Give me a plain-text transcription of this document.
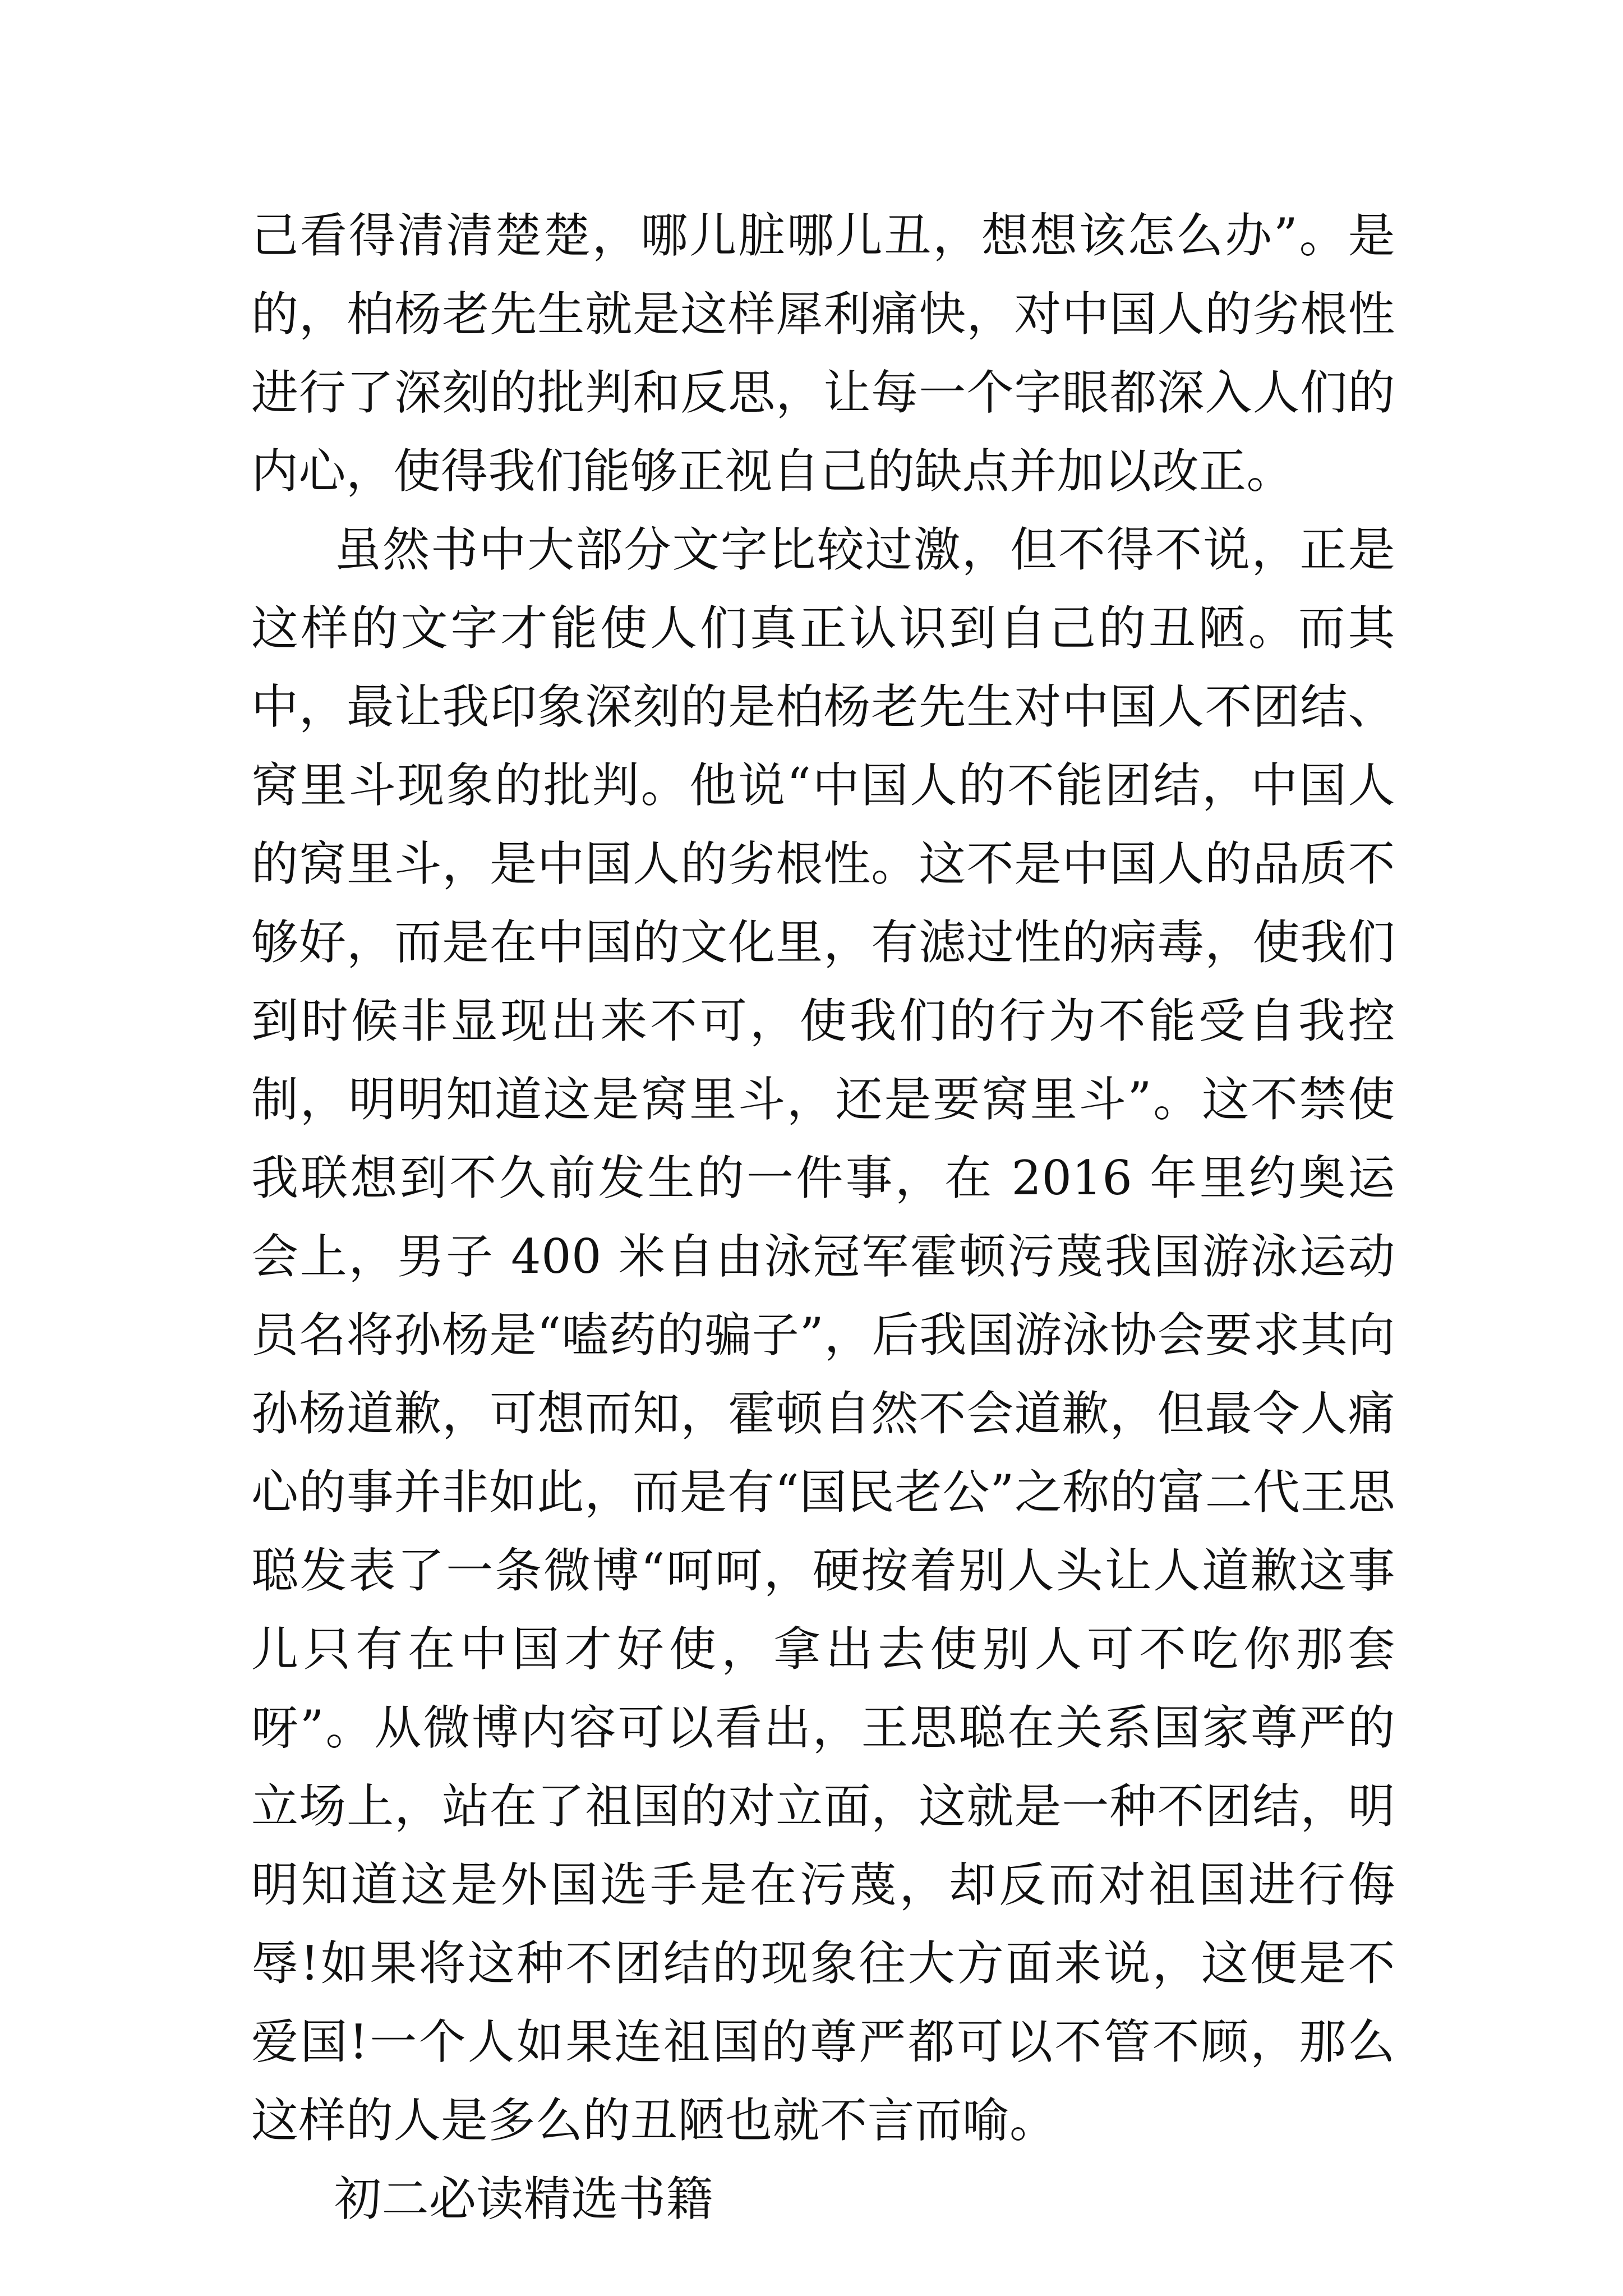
己看得清清楚楚，哪儿脏哪儿丑，想想该怎么办”。是的，柏杨老先生就是这样犀利痛快，对中国人的劣根性进行了深刻的批判和反思，让每一个字眼都深入人们的内心，使得我们能够正视自己的缺点并加以改正。

虽然书中大部分文字比较过激，但不得不说，正是这样的文字才能使人们真正认识到自己的丑陋。而其中，最让我印象深刻的是柏杨老先生对中国人不团结、窝里斗现象的批判。他说“中国人的不能团结，中国人的窝里斗，是中国人的劣根性。这不是中国人的品质不够好，而是在中国的文化里，有滤过性的病毒，使我们到时候非显现出来不可，使我们的行为不能受自我控制，明明知道这是窝里斗，还是要窝里斗”。这不禁使我联想到不久前发生的一件事，在 2016 年里约奥运会上，男子 400 米自由泳冠军霍顿污蔑我国游泳运动员名将孙杨是“嗑药的骗子”，后我国游泳协会要求其向孙杨道歉，可想而知，霍顿自然不会道歉，但最令人痛心的事并非如此，而是有“国民老公”之称的富二代王思聪发表了一条微博“呵呵，硬按着别人头让人道歉这事儿只有在中国才好使，拿出去使别人可不吃你那套呀”。从微博内容可以看出，王思聪在关系国家尊严的立场上，站在了祖国的对立面，这就是一种不团结，明明知道这是外国选手是在污蔑，却反而对祖国进行侮辱!如果将这种不团结的现象往大方面来说，这便是不爱国!一个人如果连祖国的尊严都可以不管不顾，那么这样的人是多么的丑陋也就不言而喻。

初二必读精选书籍
